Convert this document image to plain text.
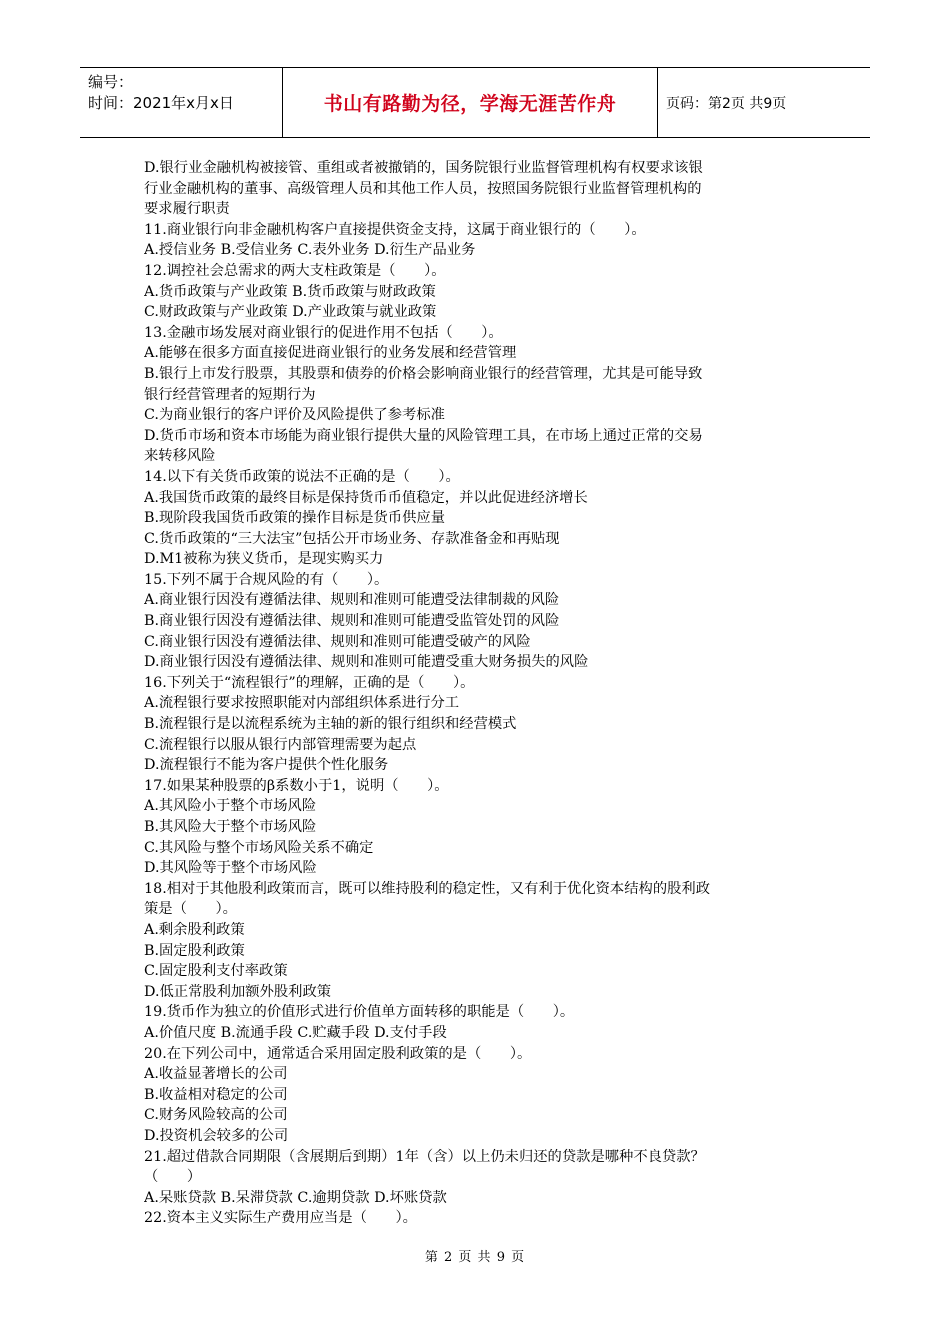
编号：
时间：2021年x月x日	书山有路勤为径，学海无涯苦作舟	页码：第2页 共9页
D.银行业金融机构被接管、重组或者被撤销的，国务院银行业监督管理机构有权要求该银
行业金融机构的董事、高级管理人员和其他工作人员，按照国务院银行业监督管理机构的
要求履行职责
11.商业银行向非金融机构客户直接提供资金支持，这属于商业银行的（　　）。
A.授信业务 B.受信业务 C.表外业务 D.衍生产品业务
12.调控社会总需求的两大支柱政策是（　　）。
A.货币政策与产业政策 B.货币政策与财政政策
C.财政政策与产业政策 D.产业政策与就业政策
13.金融市场发展对商业银行的促进作用不包括（　　）。
A.能够在很多方面直接促进商业银行的业务发展和经营管理
B.银行上市发行股票，其股票和债券的价格会影响商业银行的经营管理，尤其是可能导致
银行经营管理者的短期行为
C.为商业银行的客户评价及风险提供了参考标准
D.货币市场和资本市场能为商业银行提供大量的风险管理工具，在市场上通过正常的交易
来转移风险
14.以下有关货币政策的说法不正确的是（　　）。
A.我国货币政策的最终目标是保持货币币值稳定，并以此促进经济增长
B.现阶段我国货币政策的操作目标是货币供应量
C.货币政策的“三大法宝”包括公开市场业务、存款准备金和再贴现
D.M1被称为狭义货币，是现实购买力
15.下列不属于合规风险的有（　　）。
A.商业银行因没有遵循法律、规则和准则可能遭受法律制裁的风险
B.商业银行因没有遵循法律、规则和准则可能遭受监管处罚的风险
C.商业银行因没有遵循法律、规则和准则可能遭受破产的风险
D.商业银行因没有遵循法律、规则和准则可能遭受重大财务损失的风险
16.下列关于“流程银行”的理解，正确的是（　　）。
A.流程银行要求按照职能对内部组织体系进行分工
B.流程银行是以流程系统为主轴的新的银行组织和经营模式
C.流程银行以服从银行内部管理需要为起点
D.流程银行不能为客户提供个性化服务
17.如果某种股票的β系数小于1，说明（　　）。
A.其风险小于整个市场风险
B.其风险大于整个市场风险
C.其风险与整个市场风险关系不确定
D.其风险等于整个市场风险
18.相对于其他股利政策而言，既可以维持股利的稳定性，又有利于优化资本结构的股利政
策是（　　）。
A.剩余股利政策
B.固定股利政策
C.固定股利支付率政策
D.低正常股利加额外股利政策
19.货币作为独立的价值形式进行价值单方面转移的职能是（　　）。
A.价值尺度 B.流通手段 C.贮藏手段 D.支付手段
20.在下列公司中，通常适合采用固定股利政策的是（　　）。
A.收益显著增长的公司
B.收益相对稳定的公司
C.财务风险较高的公司
D.投资机会较多的公司
21.超过借款合同期限（含展期后到期）1年（含）以上仍未归还的贷款是哪种不良贷款？
（　　）
A.呆账贷款 B.呆滞贷款 C.逾期贷款 D.坏账贷款
22.资本主义实际生产费用应当是（　　）。
第 2 页 共 9 页
